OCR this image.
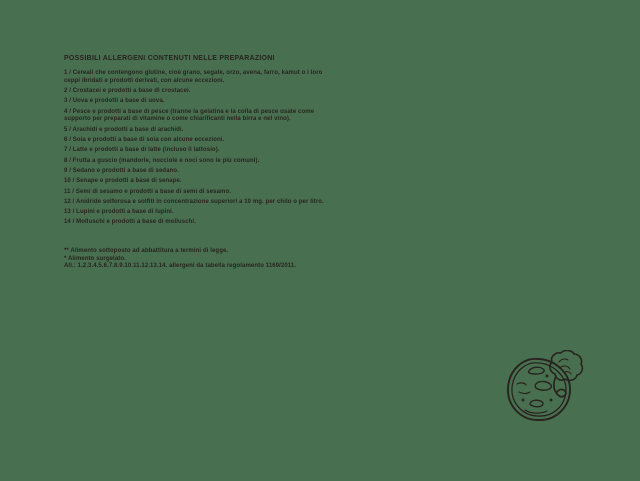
POSSIBILI ALLERGENI CONTENUTI NELLE PREPARAZIONI
1 / Cereali che contengono glutine, cioè grano, segale, orzo, avena, farro, kamut o i loro ceppi ibridati e prodotti derivati, con alcune eccezioni.
2 / Crostacei e prodotti a base di crostacei.
3 / Uova e prodotti a base di uova.
4 / Pesce e prodotti a base di pesce (tranne la gelatina e la colla di pesce usate come supporto per preparati di vitamine o come chiarificanti nella birra e nel vino).
5 / Arachidi e prodotti a base di arachidi.
6 / Soia e prodotti a base di soia con alcune eccezioni.
7 / Latte e prodotti a base di latte (incluso il lattosio).
8 / Frutta a guscio (mandorle, nocciole e noci sono le più comuni).
9 / Sedano e prodotti a base di sedano.
10 / Senape e prodotti a base di senape.
11 / Semi di sesamo e prodotti a base di semi di sesamo.
12 / Anidride solforosa e solfiti in concentrazione superiori a 10 mg. per chilo o per litro.
13 / Lupini e prodotti a base di lupini.
14 / Molluschi e prodotti a base di molluschi.

** Alimento sottoposto ad abbattitura a termini di legge.

* Alimento surgelato.

All.: 1.2.3.4.5.6.7.8.9.10.11.12.13.14. allergeni da tabella regolamento 1169/2011.
